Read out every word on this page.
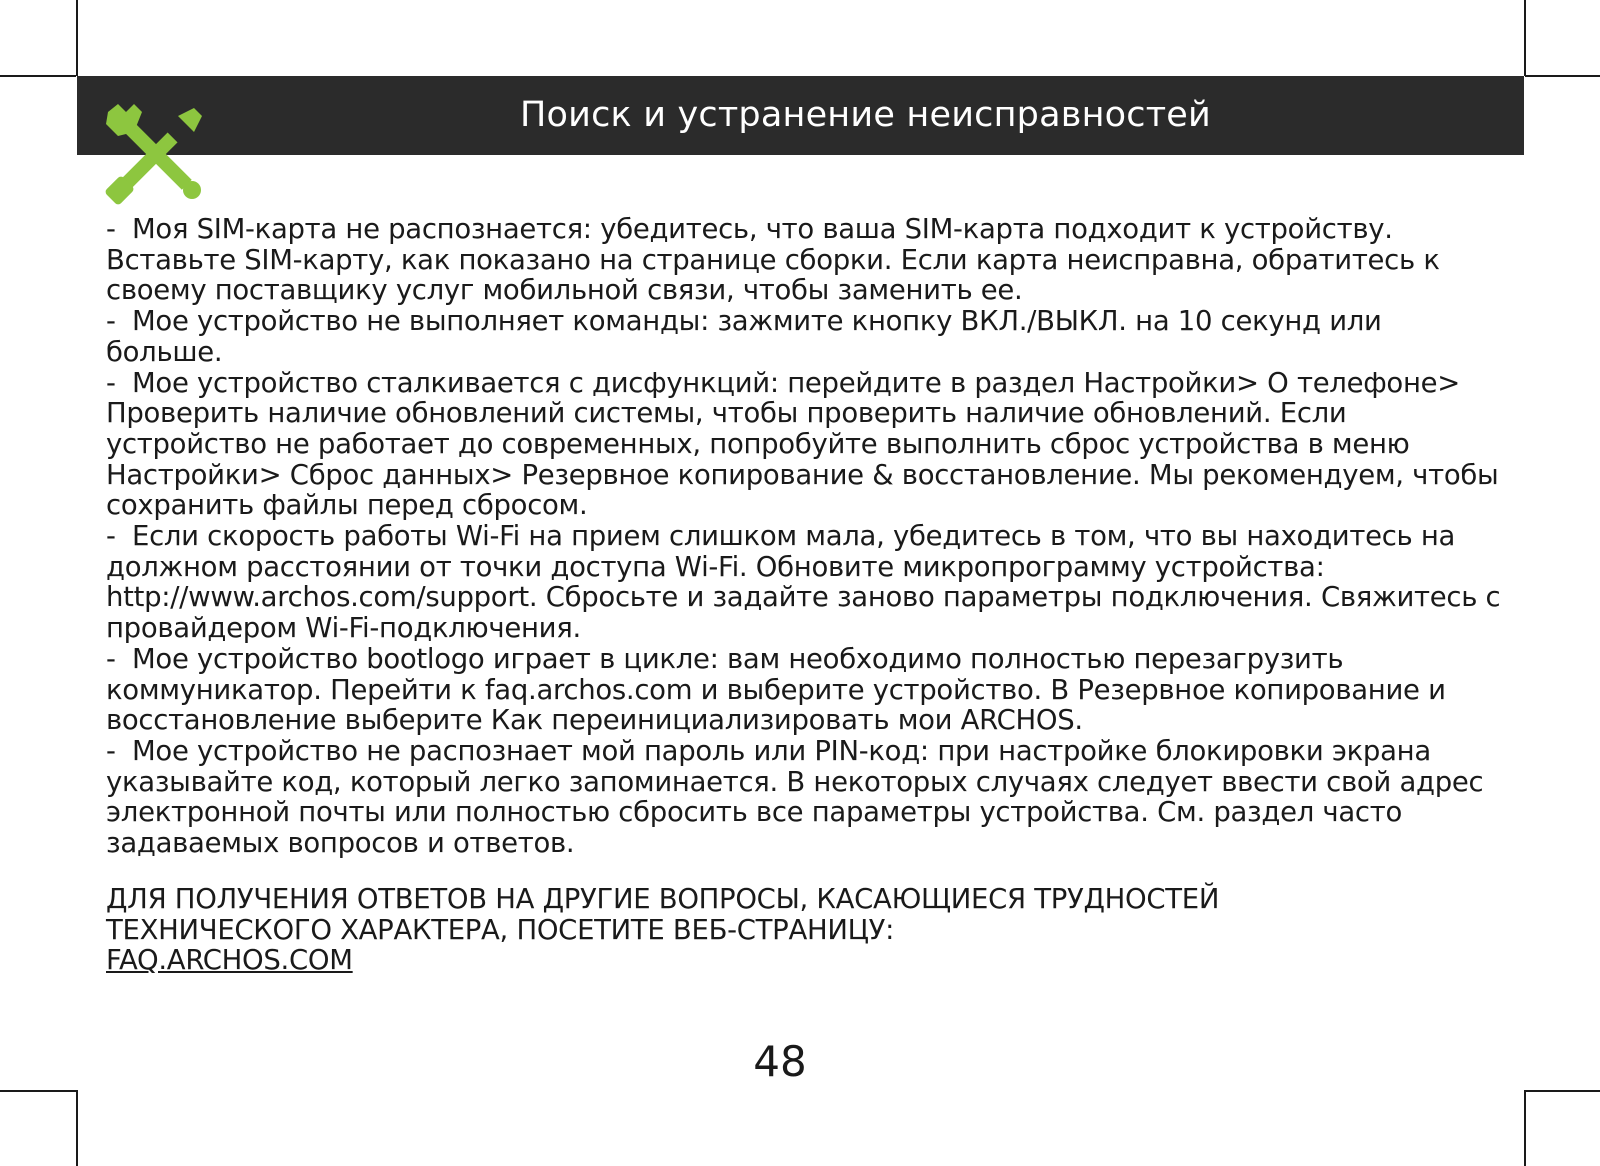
Поиск и устранение неисправностей

- Моя SIM-карта не распознается: убедитесь, что ваша SIM-карта подходит к устройству. Вставьте SIM-карту, как показано на странице сборки. Если карта неисправна, обратитесь к своему поставщику услуг мобильной связи, чтобы заменить ее.

- Мое устройство не выполняет команды: зажмите кнопку ВКЛ./ВЫКЛ. на 10 секунд или больше.

- Мое устройство сталкивается с дисфункций: перейдите в раздел Настройки> О телефоне> Проверить наличие обновлений системы, чтобы проверить наличие обновлений. Если устройство не работает до современных, попробуйте выполнить сброс устройства в меню Настройки> Сброс данных> Резервное копирование & восстановление. Мы рекомендуем, чтобы сохранить файлы перед сбросом.

- Если скорость работы Wi-Fi на прием слишком мала, убедитесь в том, что вы находитесь на должном расстоянии от точки доступа Wi-Fi. Обновите микропрограмму устройства: http://www.archos.com/support. Сбросьте и задайте заново параметры подключения. Свяжитесь с провайдером Wi-Fi-подключения.

- Мое устройство bootlogo играет в цикле: вам необходимо полностью перезагрузить коммуникатор. Перейти к faq.archos.com и выберите устройство. В Резервное копирование и восстановление выберите Как переинициализировать мои ARCHOS.

- Мое устройство не распознает мой пароль или PIN-код: при настройке блокировки экрана указывайте код, который легко запоминается. В некоторых случаях следует ввести свой адрес электронной почты или полностью сбросить все параметры устройства. См. раздел часто задаваемых вопросов и ответов.

ДЛЯ ПОЛУЧЕНИЯ ОТВЕТОВ НА ДРУГИЕ ВОПРОСЫ, КАСАЮЩИЕСЯ ТРУДНОСТЕЙ

ТЕХНИЧЕСКОГО ХАРАКТЕРА, ПОСЕТИТЕ ВЕБ-СТРАНИЦУ:

FAQ.ARCHOS.COM

48
